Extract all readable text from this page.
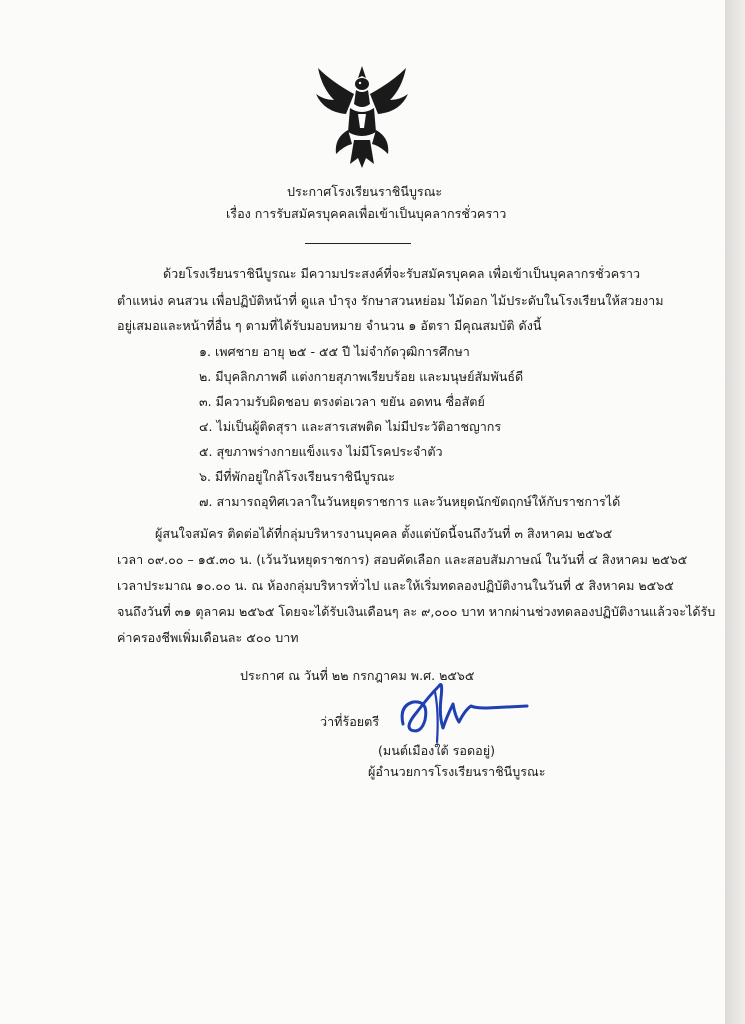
ประกาศโรงเรียนราชินีบูรณะ
เรื่อง การรับสมัครบุคคลเพื่อเข้าเป็นบุคลากรชั่วคราว
ด้วยโรงเรียนราชินีบูรณะ มีความประสงค์ที่จะรับสมัครบุคคล เพื่อเข้าเป็นบุคลากรชั่วคราว
ตำแหน่ง คนสวน เพื่อปฏิบัติหน้าที่ ดูแล บำรุง รักษาสวนหย่อม ไม้ดอก ไม้ประดับในโรงเรียนให้สวยงาม
อยู่เสมอและหน้าที่อื่น ๆ ตามที่ได้รับมอบหมาย จำนวน ๑ อัตรา มีคุณสมบัติ ดังนี้
๑. เพศชาย อายุ ๒๕ - ๕๕ ปี ไม่จำกัดวุฒิการศึกษา
๒. มีบุคลิกภาพดี แต่งกายสุภาพเรียบร้อย และมนุษย์สัมพันธ์ดี
๓. มีความรับผิดชอบ ตรงต่อเวลา ขยัน อดทน ซื่อสัตย์
๔. ไม่เป็นผู้ติดสุรา และสารเสพติด ไม่มีประวัติอาชญากร
๕. สุขภาพร่างกายแข็งแรง ไม่มีโรคประจำตัว
๖. มีที่พักอยู่ใกล้โรงเรียนราชินีบูรณะ
๗. สามารถอุทิศเวลาในวันหยุดราชการ และวันหยุดนักขัตฤกษ์ให้กับราชการได้
ผู้สนใจสมัคร ติดต่อได้ที่กลุ่มบริหารงานบุคคล ตั้งแต่บัดนี้จนถึงวันที่ ๓ สิงหาคม ๒๕๖๕
เวลา ๐๙.๐๐ – ๑๕.๓๐ น. (เว้นวันหยุดราชการ) สอบคัดเลือก และสอบสัมภาษณ์ ในวันที่ ๔ สิงหาคม ๒๕๖๕
เวลาประมาณ ๑๐.๐๐ น. ณ ห้องกลุ่มบริหารทั่วไป และให้เริ่มทดลองปฏิบัติงานในวันที่ ๕ สิงหาคม ๒๕๖๕
จนถึงวันที่ ๓๑ ตุลาคม ๒๕๖๕ โดยจะได้รับเงินเดือนๆ ละ ๙,๐๐๐ บาท หากผ่านช่วงทดลองปฏิบัติงานแล้วจะได้รับ
ค่าครองชีพเพิ่มเดือนละ ๕๐๐ บาท
ประกาศ ณ วันที่ ๒๒ กรกฎาคม พ.ศ. ๒๕๖๕
ว่าที่ร้อยตรี
(มนต์เมืองใต้ รอดอยู่)
ผู้อำนวยการโรงเรียนราชินีบูรณะ
